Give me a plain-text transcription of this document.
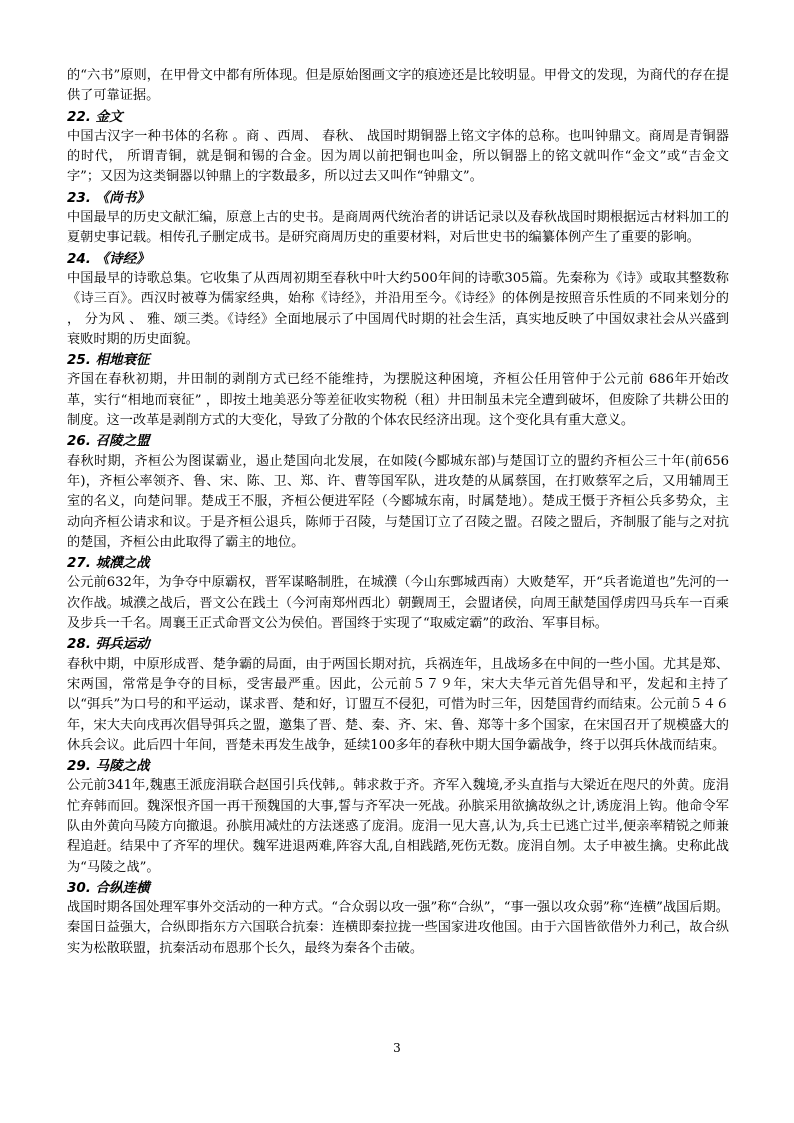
的“六书”原则，在甲骨文中都有所体现。但是原始图画文字的痕迹还是比较明显。甲骨文的发现，为商代的存在提供了可靠证据。

22. 金文

中国古汉字一种书体的名称 。商 、西周、 春秋、 战国时期铜器上铭文字体的总称。也叫钟鼎文。商周是青铜器的时代， 所谓青铜，就是铜和锡的合金。因为周以前把铜也叫金，所以铜器上的铭文就叫作“金文”或“吉金文字”；又因为这类铜器以钟鼎上的字数最多，所以过去又叫作“钟鼎文”。

23. 《尚书》

中国最早的历史文献汇编，原意上古的史书。是商周两代统治者的讲话记录以及春秋战国时期根据远古材料加工的夏朝史事记载。相传孔子删定成书。是研究商周历史的重要材料，对后世史书的编纂体例产生了重要的影响。

24. 《诗经》

中国最早的诗歌总集。它收集了从西周初期至春秋中叶大约500年间的诗歌305篇。先秦称为《诗》或取其整数称《诗三百》。西汉时被尊为儒家经典，始称《诗经》，并沿用至今。《诗经》的体例是按照音乐性质的不同来划分的 ， 分为风 、 雅、颂三类。《诗经》全面地展示了中国周代时期的社会生活，真实地反映了中国奴隶社会从兴盛到衰败时期的历史面貌。

25. 相地衰征

齐国在春秋初期，井田制的剥削方式已经不能维持，为摆脱这种困境，齐桓公任用管仲于公元前 686年开始改革，实行“相地而衰征” ，即按土地美恶分等差征收实物税（租）井田制虽未完全遭到破坏，但废除了共耕公田的制度。这一改革是剥削方式的大变化，导致了分散的个体农民经济出现。这个变化具有重大意义。

26. 召陵之盟

春秋时期，齐桓公为图谋霸业，遏止楚国向北发展，在如陵(今郾城东部)与楚国订立的盟约齐桓公三十年(前656年)，齐桓公率领齐、鲁、宋、陈、卫、郑、许、曹等国军队，进攻楚的从属蔡国，在打败蔡军之后，又用辅周王室的名义，向楚问罪。楚成王不服，齐桓公便进军陉（今郾城东南，时属楚地）。楚成王慑于齐桓公兵多势众，主动向齐桓公请求和议。于是齐桓公退兵，陈师于召陵，与楚国订立了召陵之盟。召陵之盟后，齐制服了能与之对抗的楚国，齐桓公由此取得了霸主的地位。

27. 城濮之战

公元前632年，为争夺中原霸权，晋军谋略制胜，在城濮（今山东鄄城西南）大败楚军，开“兵者诡道也”先河的一次作战。城濮之战后，晋文公在践土（今河南郑州西北）朝觐周王，会盟诸侯，向周王献楚国俘虏四马兵车一百乘及步兵一千名。周襄王正式命晋文公为侯伯。晋国终于实现了“取威定霸”的政治、军事目标。

28. 弭兵运动

春秋中期，中原形成晋、楚争霸的局面，由于两国长期对抗，兵祸连年，且战场多在中间的一些小国。尤其是郑、宋两国，常常是争夺的目标，受害最严重。因此，公元前５７９年，宋大夫华元首先倡导和平，发起和主持了以“弭兵”为口号的和平运动，谋求晋、楚和好，订盟互不侵犯，可惜为时三年，因楚国背约而结束。公元前５４６年，宋大夫向戌再次倡导弭兵之盟，邀集了晋、楚、秦、齐、宋、鲁、郑等十多个国家，在宋国召开了规模盛大的休兵会议。此后四十年间，晋楚未再发生战争，延续100多年的春秋中期大国争霸战争，终于以弭兵休战而结束。

29. 马陵之战

公元前341年,魏惠王派庞涓联合赵国引兵伐韩,。韩求救于齐。齐军入魏境,矛头直指与大梁近在咫尺的外黄。庞涓忙弃韩而回。魏深恨齐国一再干预魏国的大事,誓与齐军决一死战。孙膑采用欲擒故纵之计,诱庞涓上钩。他命令军队由外黄向马陵方向撤退。孙膑用减灶的方法迷惑了庞涓。庞涓一见大喜,认为,兵士已逃亡过半,便亲率精锐之师兼程追赶。结果中了齐军的埋伏。魏军进退两难,阵容大乱,自相践踏,死伤无数。庞涓自刎。太子申被生擒。史称此战为“马陵之战”。

30. 合纵连横

战国时期各国处理军事外交活动的一种方式。“合众弱以攻一强”称“合纵”，“事一强以攻众弱”称“连横”战国后期。秦国日益强大，合纵即指东方六国联合抗秦：连横即秦拉拢一些国家进攻他国。由于六国皆欲借外力利己，故合纵实为松散联盟，抗秦活动布恩那个长久，最终为秦各个击破。

3
